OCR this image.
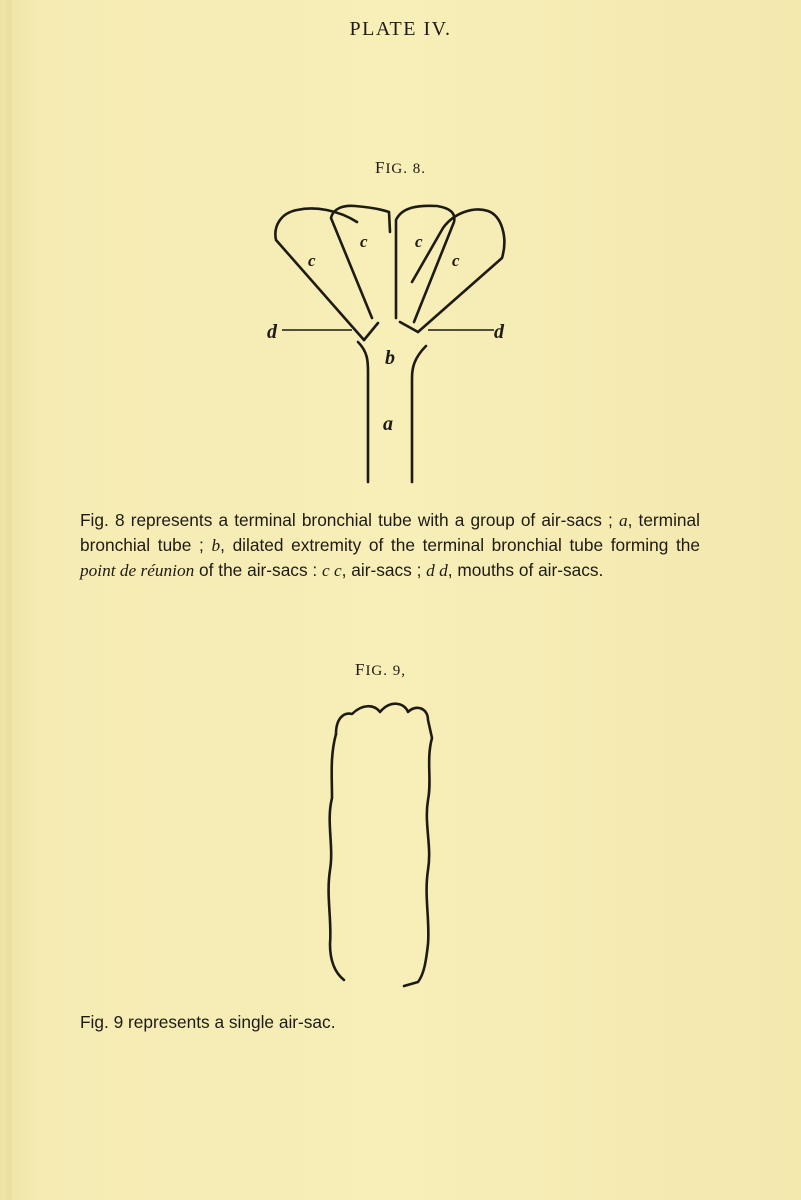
PLATE IV.
FIG. 8.
c
c	c
c
d	d
b
a
Fig. 8 represents a terminal bronchial tube with a group of air-sacs ; a, terminal bronchial tube ; b, dilated extremity of the terminal bronchial tube forming the point de réunion of the air-sacs : c c, air-sacs ; d d, mouths of air-sacs.
FIG. 9,
Fig. 9 represents a single air-sac.
